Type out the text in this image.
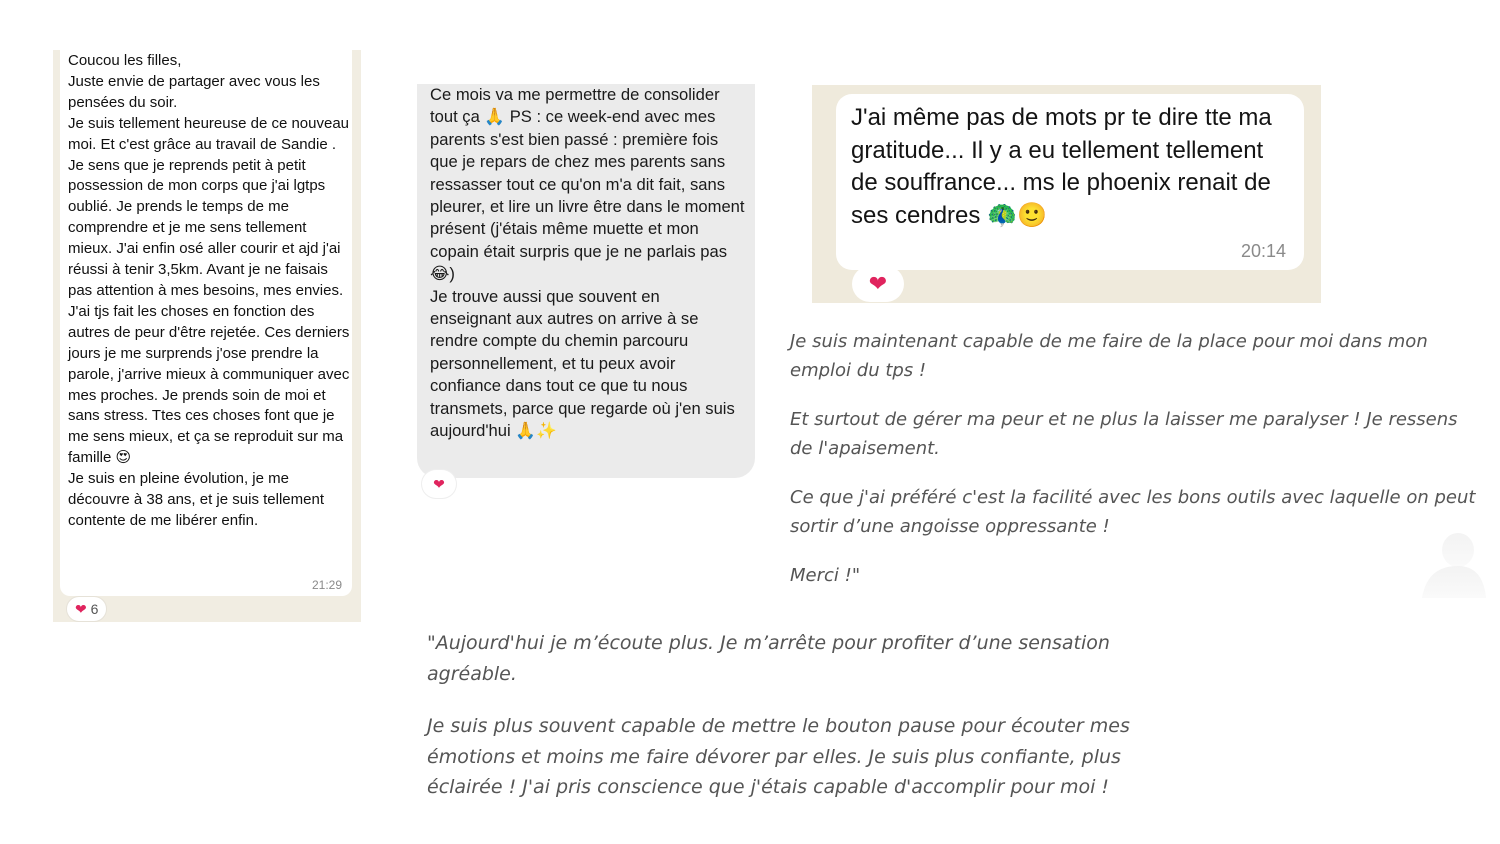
Coucou les filles,
Juste envie de partager avec vous les pensées du soir.
Je suis tellement heureuse de ce nouveau moi. Et c'est grâce au travail de Sandie . Je sens que je reprends petit à petit possession de mon corps que j'ai lgtps oublié. Je prends le temps de me comprendre et je me sens tellement mieux. J'ai enfin osé aller courir et ajd j'ai réussi à tenir 3,5km. Avant je ne faisais pas attention à mes besoins, mes envies. J'ai tjs fait les choses en fonction des autres de peur d'être rejetée. Ces derniers jours je me surprends j'ose prendre la parole, j'arrive mieux à communiquer avec mes proches. Je prends soin de moi et sans stress. Ttes ces choses font que je me sens mieux, et ça se reproduit sur ma famille 😍
Je suis en pleine évolution, je me découvre à 38 ans, et je suis tellement contente de me libérer enfin.
21:29
❤ 6
Ce mois va me permettre de consolider tout ça 🙏 PS : ce week-end avec mes parents s'est bien passé : première fois que je repars de chez mes parents sans ressasser tout ce qu'on m'a dit fait, sans pleurer, et lire un livre être dans le moment présent (j'étais même muette et mon copain était surpris que je ne parlais pas 😂)
Je trouve aussi que souvent en enseignant aux autres on arrive à se rendre compte du chemin parcouru personnellement, et tu peux avoir confiance dans tout ce que tu nous transmets, parce que regarde où j'en suis aujourd'hui 🙏✨
❤
J'ai même pas de mots pr te dire tte ma gratitude... Il y a eu tellement tellement de souffrance... ms le phoenix renait de ses cendres 🦚🙂
20:14
❤

Je suis maintenant capable de me faire de la place pour moi dans mon emploi du tps !

Et surtout de gérer ma peur et ne plus la laisser me paralyser ! Je ressens de l'apaisement.

Ce que j'ai préféré c'est la facilité avec les bons outils avec laquelle on peut sortir d’une angoisse oppressante !

Merci !"

"Aujourd'hui je m’écoute plus. Je m’arrête pour profiter d’une sensation agréable.

Je suis plus souvent capable de mettre le bouton pause pour écouter mes émotions et moins me faire dévorer par elles. Je suis plus confiante, plus éclairée ! J'ai pris conscience que j'étais capable d'accomplir pour moi !
